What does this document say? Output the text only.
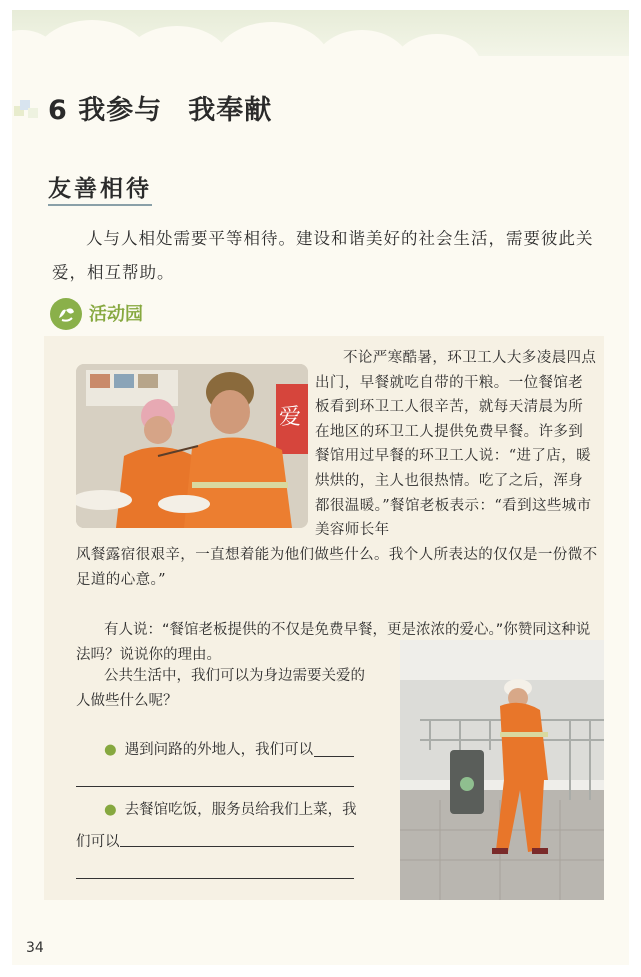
6 我参与 我奉献
友善相待
人与人相处需要平等相待。建设和谐美好的社会生活，需要彼此关爱，相互帮助。
活动园
爱
不论严寒酷暑，环卫工人大多凌晨四点出门，早餐就吃自带的干粮。一位餐馆老板看到环卫工人很辛苦，就每天清晨为所在地区的环卫工人提供免费早餐。许多到餐馆用过早餐的环卫工人说：“进了店，暖烘烘的，主人也很热情。吃了之后，浑身都很温暖。”餐馆老板表示：“看到这些城市美容师长年
风餐露宿很艰辛，一直想着能为他们做些什么。我个人所表达的仅仅是一份微不足道的心意。”
有人说：“餐馆老板提供的不仅是免费早餐，更是浓浓的爱心。”你赞同这种说法吗？说说你的理由。
公共生活中，我们可以为身边需要关爱的人做些什么呢？
● 遇到问路的外地人，我们可以
● 去餐馆吃饭，服务员给我们上菜，我
们可以
34
